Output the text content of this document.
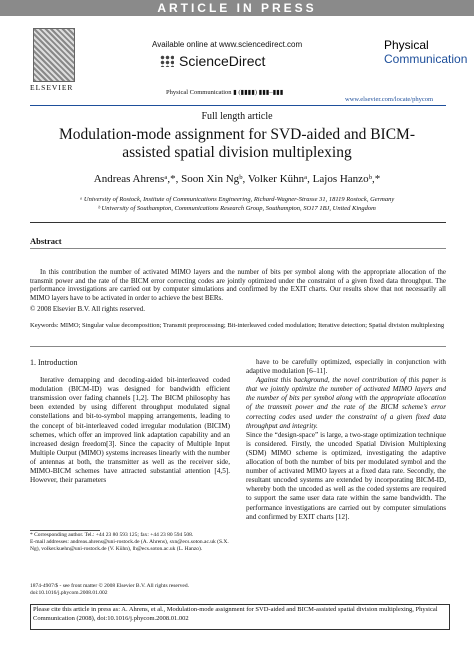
ARTICLE IN PRESS
ELSEVIER
Available online at www.sciencedirect.com
ScienceDirect
Physical Communication ▮ (▮▮▮▮) ▮▮▮–▮▮▮
Physical
Communication
www.elsevier.com/locate/phycom
Full length article
Modulation-mode assignment for SVD-aided and BICM-assisted spatial division multiplexing
Andreas Ahrensᵃ,*, Soon Xin Ngᵇ, Volker Kühnᵃ, Lajos Hanzoᵇ,*
ᵃ University of Rostock, Institute of Communications Engineering, Richard-Wagner-Strasse 31, 18119 Rostock, Germany
ᵇ University of Southampton, Communications Research Group, Southampton, SO17 1BJ, United Kingdom
Abstract
In this contribution the number of activated MIMO layers and the number of bits per symbol along with the appropriate allocation of the transmit power and the rate of the BICM error correcting codes are jointly optimized under the constraint of a given fixed data throughput. The performance investigations are carried out by computer simulations and confirmed by the EXIT charts. Our results show that not necessarily all MIMO layers have to be activated in order to achieve the best BERs.
© 2008 Elsevier B.V. All rights reserved.
Keywords: MIMO; Singular value decomposition; Transmit preprocessing; Bit-interleaved coded modulation; Iterative detection; Spatial division multiplexing
1. Introduction

Iterative demapping and decoding-aided bit-interleaved coded modulation (BICM-ID) was designed for bandwidth efficient transmission over fading channels [1,2]. The BICM philosophy has been extended by using different throughput modulated signal constellations and bit-to-symbol mapping arrangements, leading to the concept of bit-interleaved coded irregular modulation (BICIM) schemes, which offer an improved link adaptation capability and an increased design freedom[3]. Since the capacity of Multiple Input Multiple Output (MIMO) systems increases linearly with the number of antennas at both, the transmitter as well as the receiver side, MIMO-BICM schemes have attracted substantial attention [4,5]. However, their parameters

have to be carefully optimized, especially in conjunction with adaptive modulation [6–11].

Against this background, the novel contribution of this paper is that we jointly optimize the number of activated MIMO layers and the number of bits per symbol along with the appropriate allocation of the transmit power and the rate of the BICM scheme’s error correcting codes used under the constraint of a given fixed data throughput and integrity.

Since the “design-space” is large, a two-stage optimization technique is considered. Firstly, the uncoded Spatial Division Multiplexing (SDM) MIMO scheme is optimized, investigating the adaptive allocation of both the number of bits per modulated symbol and the number of activated MIMO layers at a fixed data rate. Secondly, the resultant uncoded systems are extended by incorporating BICM-ID, whereby both the uncoded as well as the coded systems are required to support the same user data rate within the same bandwidth. The performance investigations are carried out by computer simulations and confirmed by EXIT charts [12].

* Corresponding author. Tel.: +44 23 80 593 125; fax: +44 23 80 594 508.
E-mail addresses: andreas.ahrens@uni-rostock.de (A. Ahrens), sxn@ecs.soton.ac.uk (S.X. Ng), volker.kuehn@uni-rostock.de (V. Kühn), lh@ecs.soton.ac.uk (L. Hanzo).
1874-4907/$ - see front matter © 2008 Elsevier B.V. All rights reserved.
doi:10.1016/j.phycom.2008.01.002
Please cite this article in press as: A. Ahrens, et al., Modulation-mode assignment for SVD-aided and BICM-assisted spatial division multiplexing, Physical Communication (2008), doi:10.1016/j.phycom.2008.01.002
